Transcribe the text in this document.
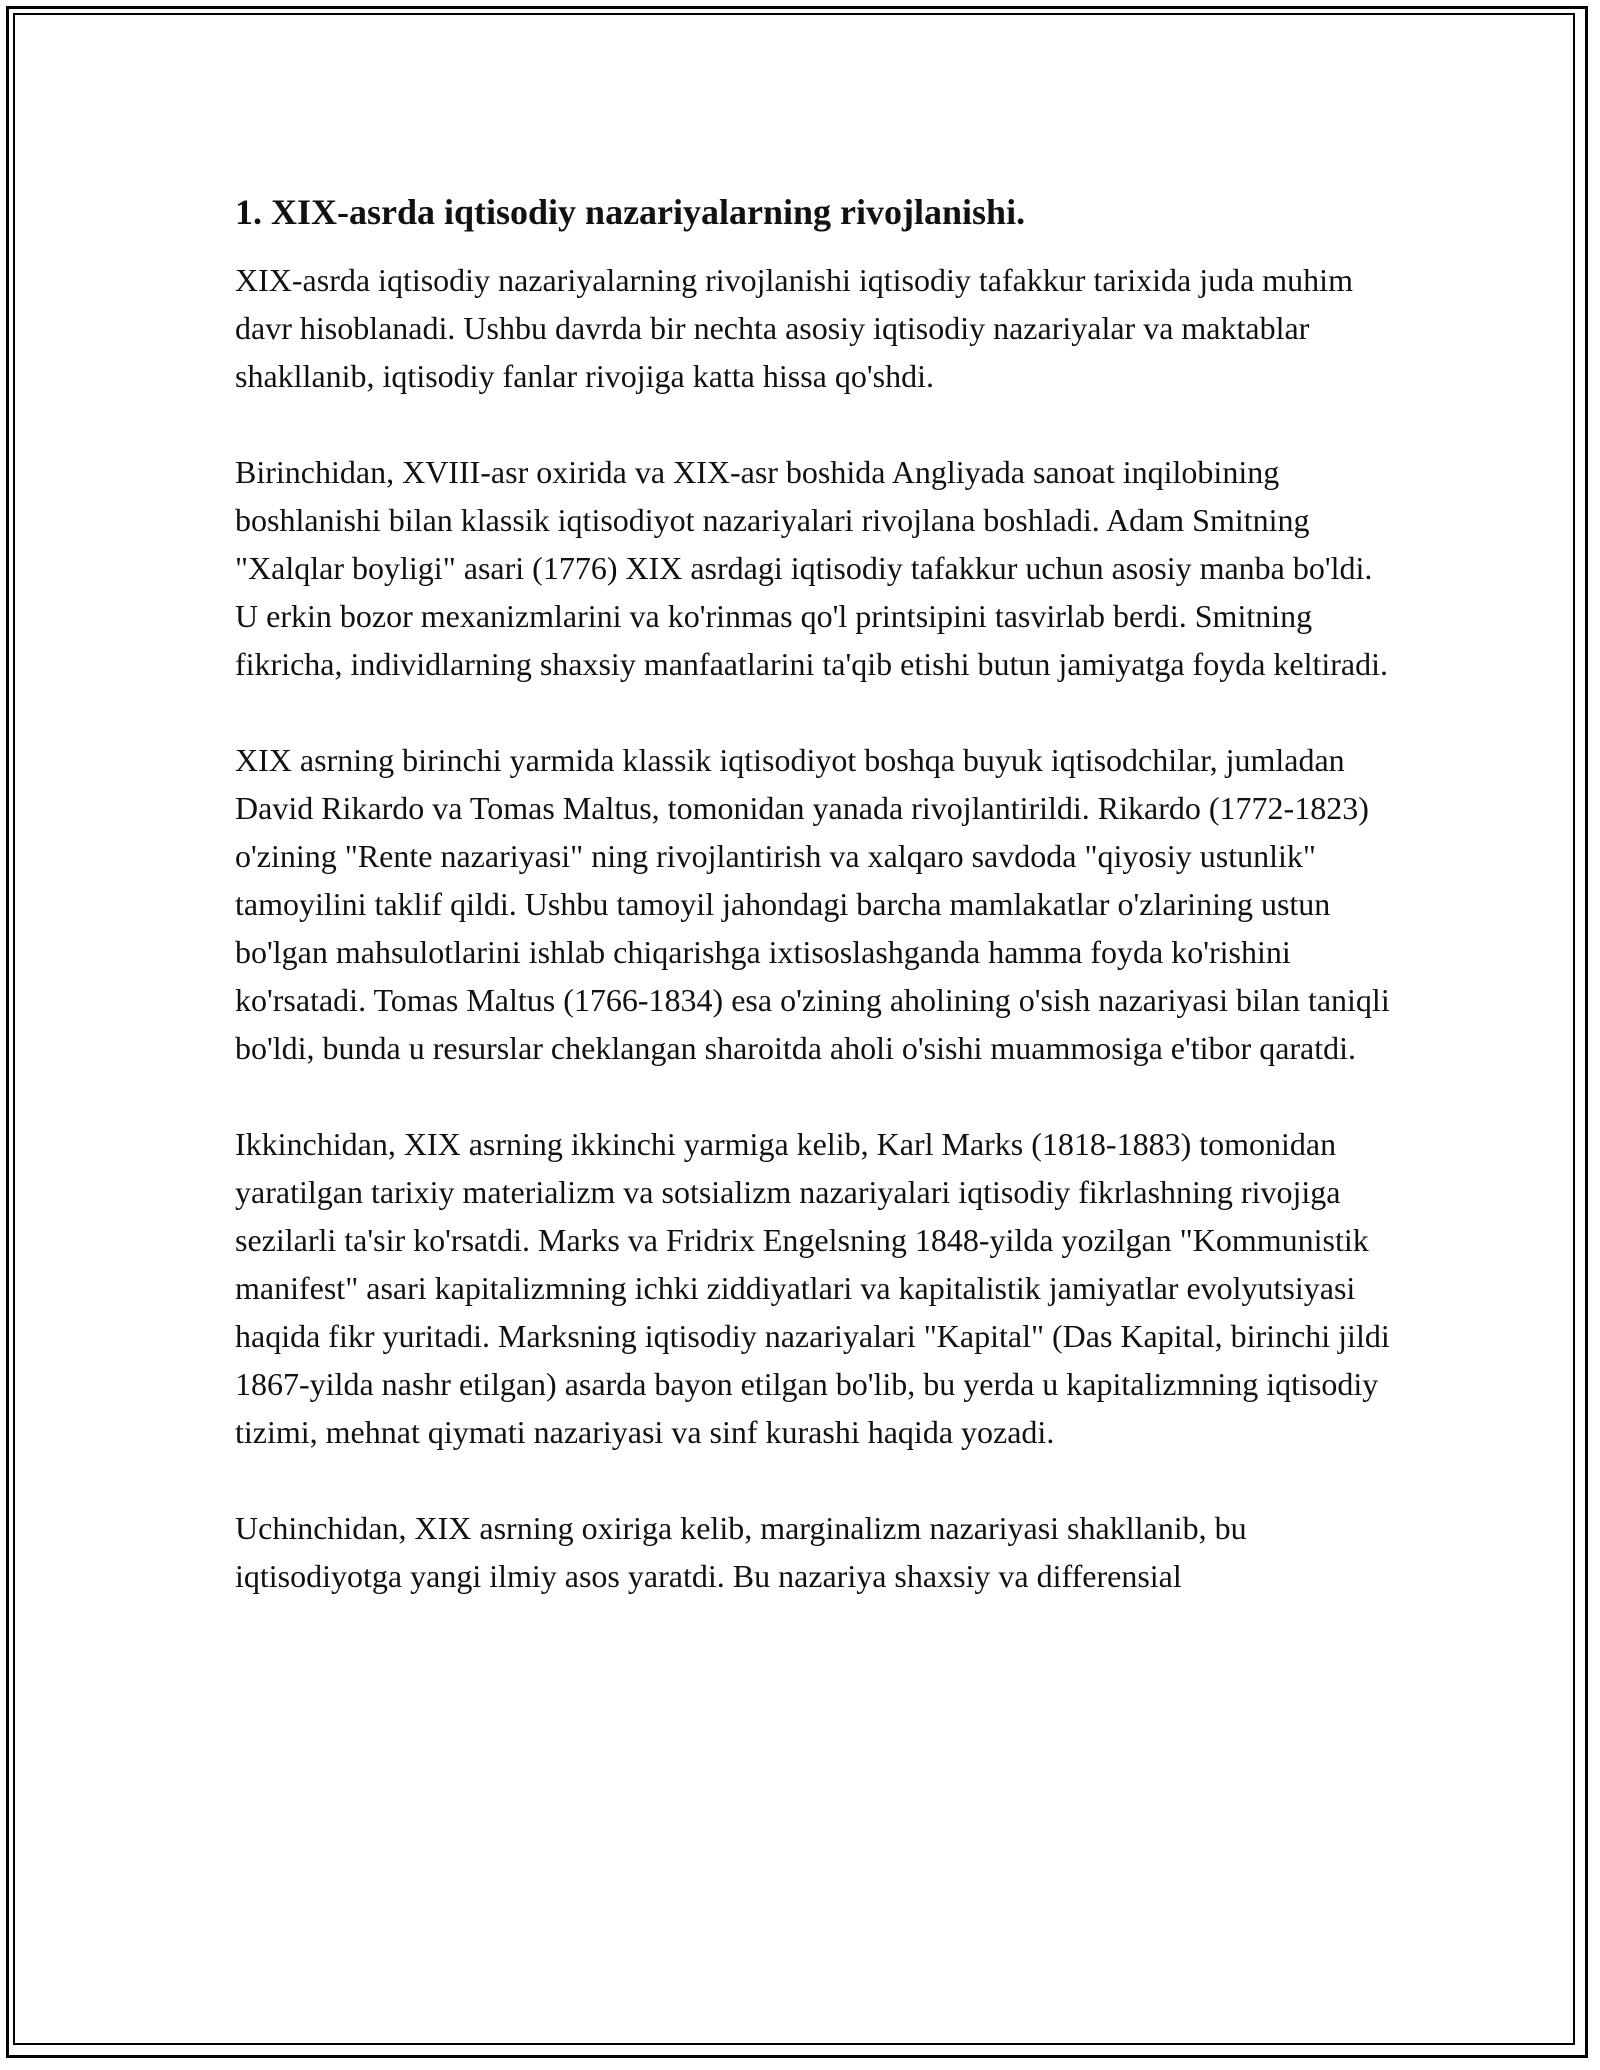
1. XIX-asrda iqtisodiy nazariyalarning rivojlanishi.

XIX-asrda iqtisodiy nazariyalarning rivojlanishi iqtisodiy tafakkur tarixida juda muhim davr hisoblanadi. Ushbu davrda bir nechta asosiy iqtisodiy nazariyalar va maktablar shakllanib, iqtisodiy fanlar rivojiga katta hissa qo'shdi.

Birinchidan, XVIII-asr oxirida va XIX-asr boshida Angliyada sanoat inqilobining boshlanishi bilan klassik iqtisodiyot nazariyalari rivojlana boshladi. Adam Smitning "Xalqlar boyligi" asari (1776) XIX asrdagi iqtisodiy tafakkur uchun asosiy manba bo'ldi. U erkin bozor mexanizmlarini va ko'rinmas qo'l printsipini tasvirlab berdi. Smitning fikricha, individlarning shaxsiy manfaatlarini ta'qib etishi butun jamiyatga foyda keltiradi.

XIX asrning birinchi yarmida klassik iqtisodiyot boshqa buyuk iqtisodchilar, jumladan David Rikardo va Tomas Maltus, tomonidan yanada rivojlantirildi. Rikardo (1772-1823) o'zining "Rente nazariyasi" ning rivojlantirish va xalqaro savdoda "qiyosiy ustunlik" tamoyilini taklif qildi. Ushbu tamoyil jahondagi barcha mamlakatlar o'zlarining ustun bo'lgan mahsulotlarini ishlab chiqarishga ixtisoslashganda hamma foyda ko'rishini ko'rsatadi. Tomas Maltus (1766-1834) esa o'zining aholining o'sish nazariyasi bilan taniqli bo'ldi, bunda u resurslar cheklangan sharoitda aholi o'sishi muammosiga e'tibor qaratdi.

Ikkinchidan, XIX asrning ikkinchi yarmiga kelib, Karl Marks (1818-1883) tomonidan yaratilgan tarixiy materializm va sotsializm nazariyalari iqtisodiy fikrlashning rivojiga sezilarli ta'sir ko'rsatdi. Marks va Fridrix Engelsning 1848-yilda yozilgan "Kommunistik manifest" asari kapitalizmning ichki ziddiyatlari va kapitalistik jamiyatlar evolyutsiyasi haqida fikr yuritadi. Marksning iqtisodiy nazariyalari "Kapital" (Das Kapital, birinchi jildi 1867-yilda nashr etilgan) asarda bayon etilgan bo'lib, bu yerda u kapitalizmning iqtisodiy tizimi, mehnat qiymati nazariyasi va sinf kurashi haqida yozadi.

Uchinchidan, XIX asrning oxiriga kelib, marginalizm nazariyasi shakllanib, bu iqtisodiyotga yangi ilmiy asos yaratdi. Bu nazariya shaxsiy va differensial
